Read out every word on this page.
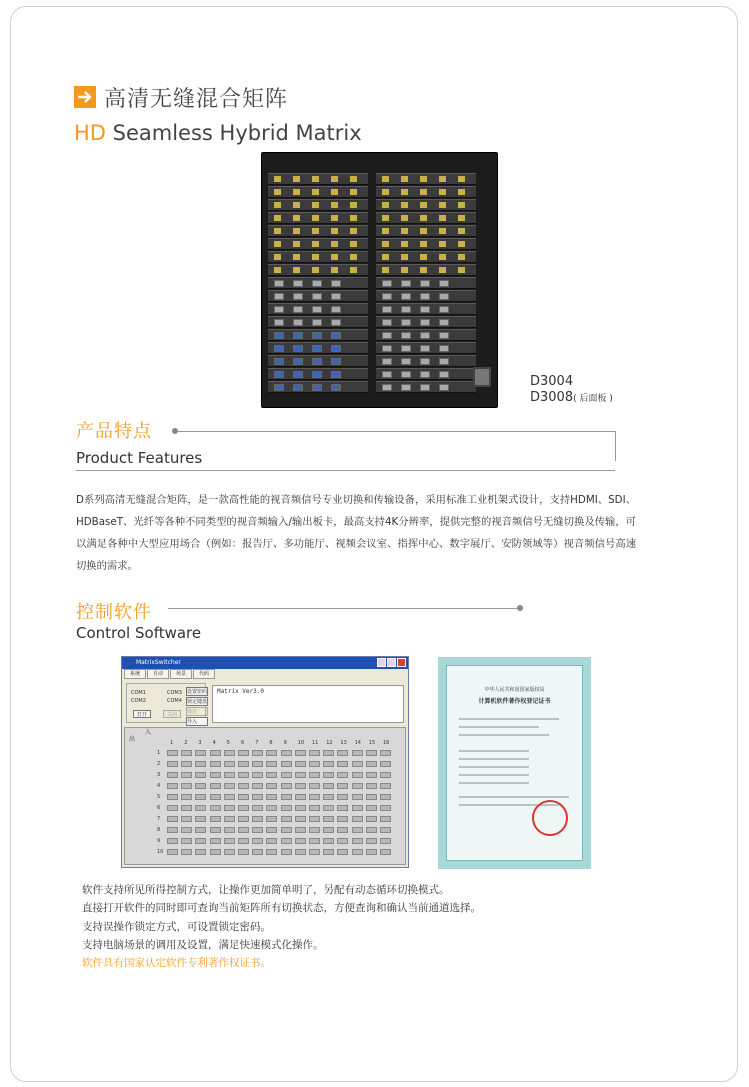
高清无缝混合矩阵
HD Seamless Hybrid Matrix
D3004
D3008( 后面板 )
产品特点
Product Features
D系列高清无缝混合矩阵，是一款高性能的视音频信号专业切换和传输设备，采用标准工业机架式设计，支持HDMI、SDI、HDBaseT、光纤等各种不同类型的视音频输入/输出板卡，最高支持4K分辨率，提供完整的视音频信号无缝切换及传输，可以满足各种中大型应用场合（例如：报告厅、多功能厅、视频会议室、指挥中心、数字展厅、安防领域等）视音频信号高速切换的需求。
控制软件
Control Software
MatrixSwitcher
系统	自动	场景	代码
COM1
COM2
COM3
COM4
打开	关闭
设置密码
锁定键盘
锁定
导入
Matrix Ver3.0
出
入
1 2 3 4 5 6 7 8 9 10 11 12 13 14 15 16
1
2
3
4
5
6
7
8
9
10
中华人民共和国国家版权局
计算机软件著作权登记证书

软件支持所见所得控制方式，让操作更加简单明了，另配有动态循环切换模式。

直接打开软件的同时即可查询当前矩阵所有切换状态，方便查询和确认当前通道选择。

支持误操作锁定方式，可设置锁定密码。

支持电脑场景的调用及设置，满足快速模式化操作。

软件具有国家认定软件专利著作权证书。
